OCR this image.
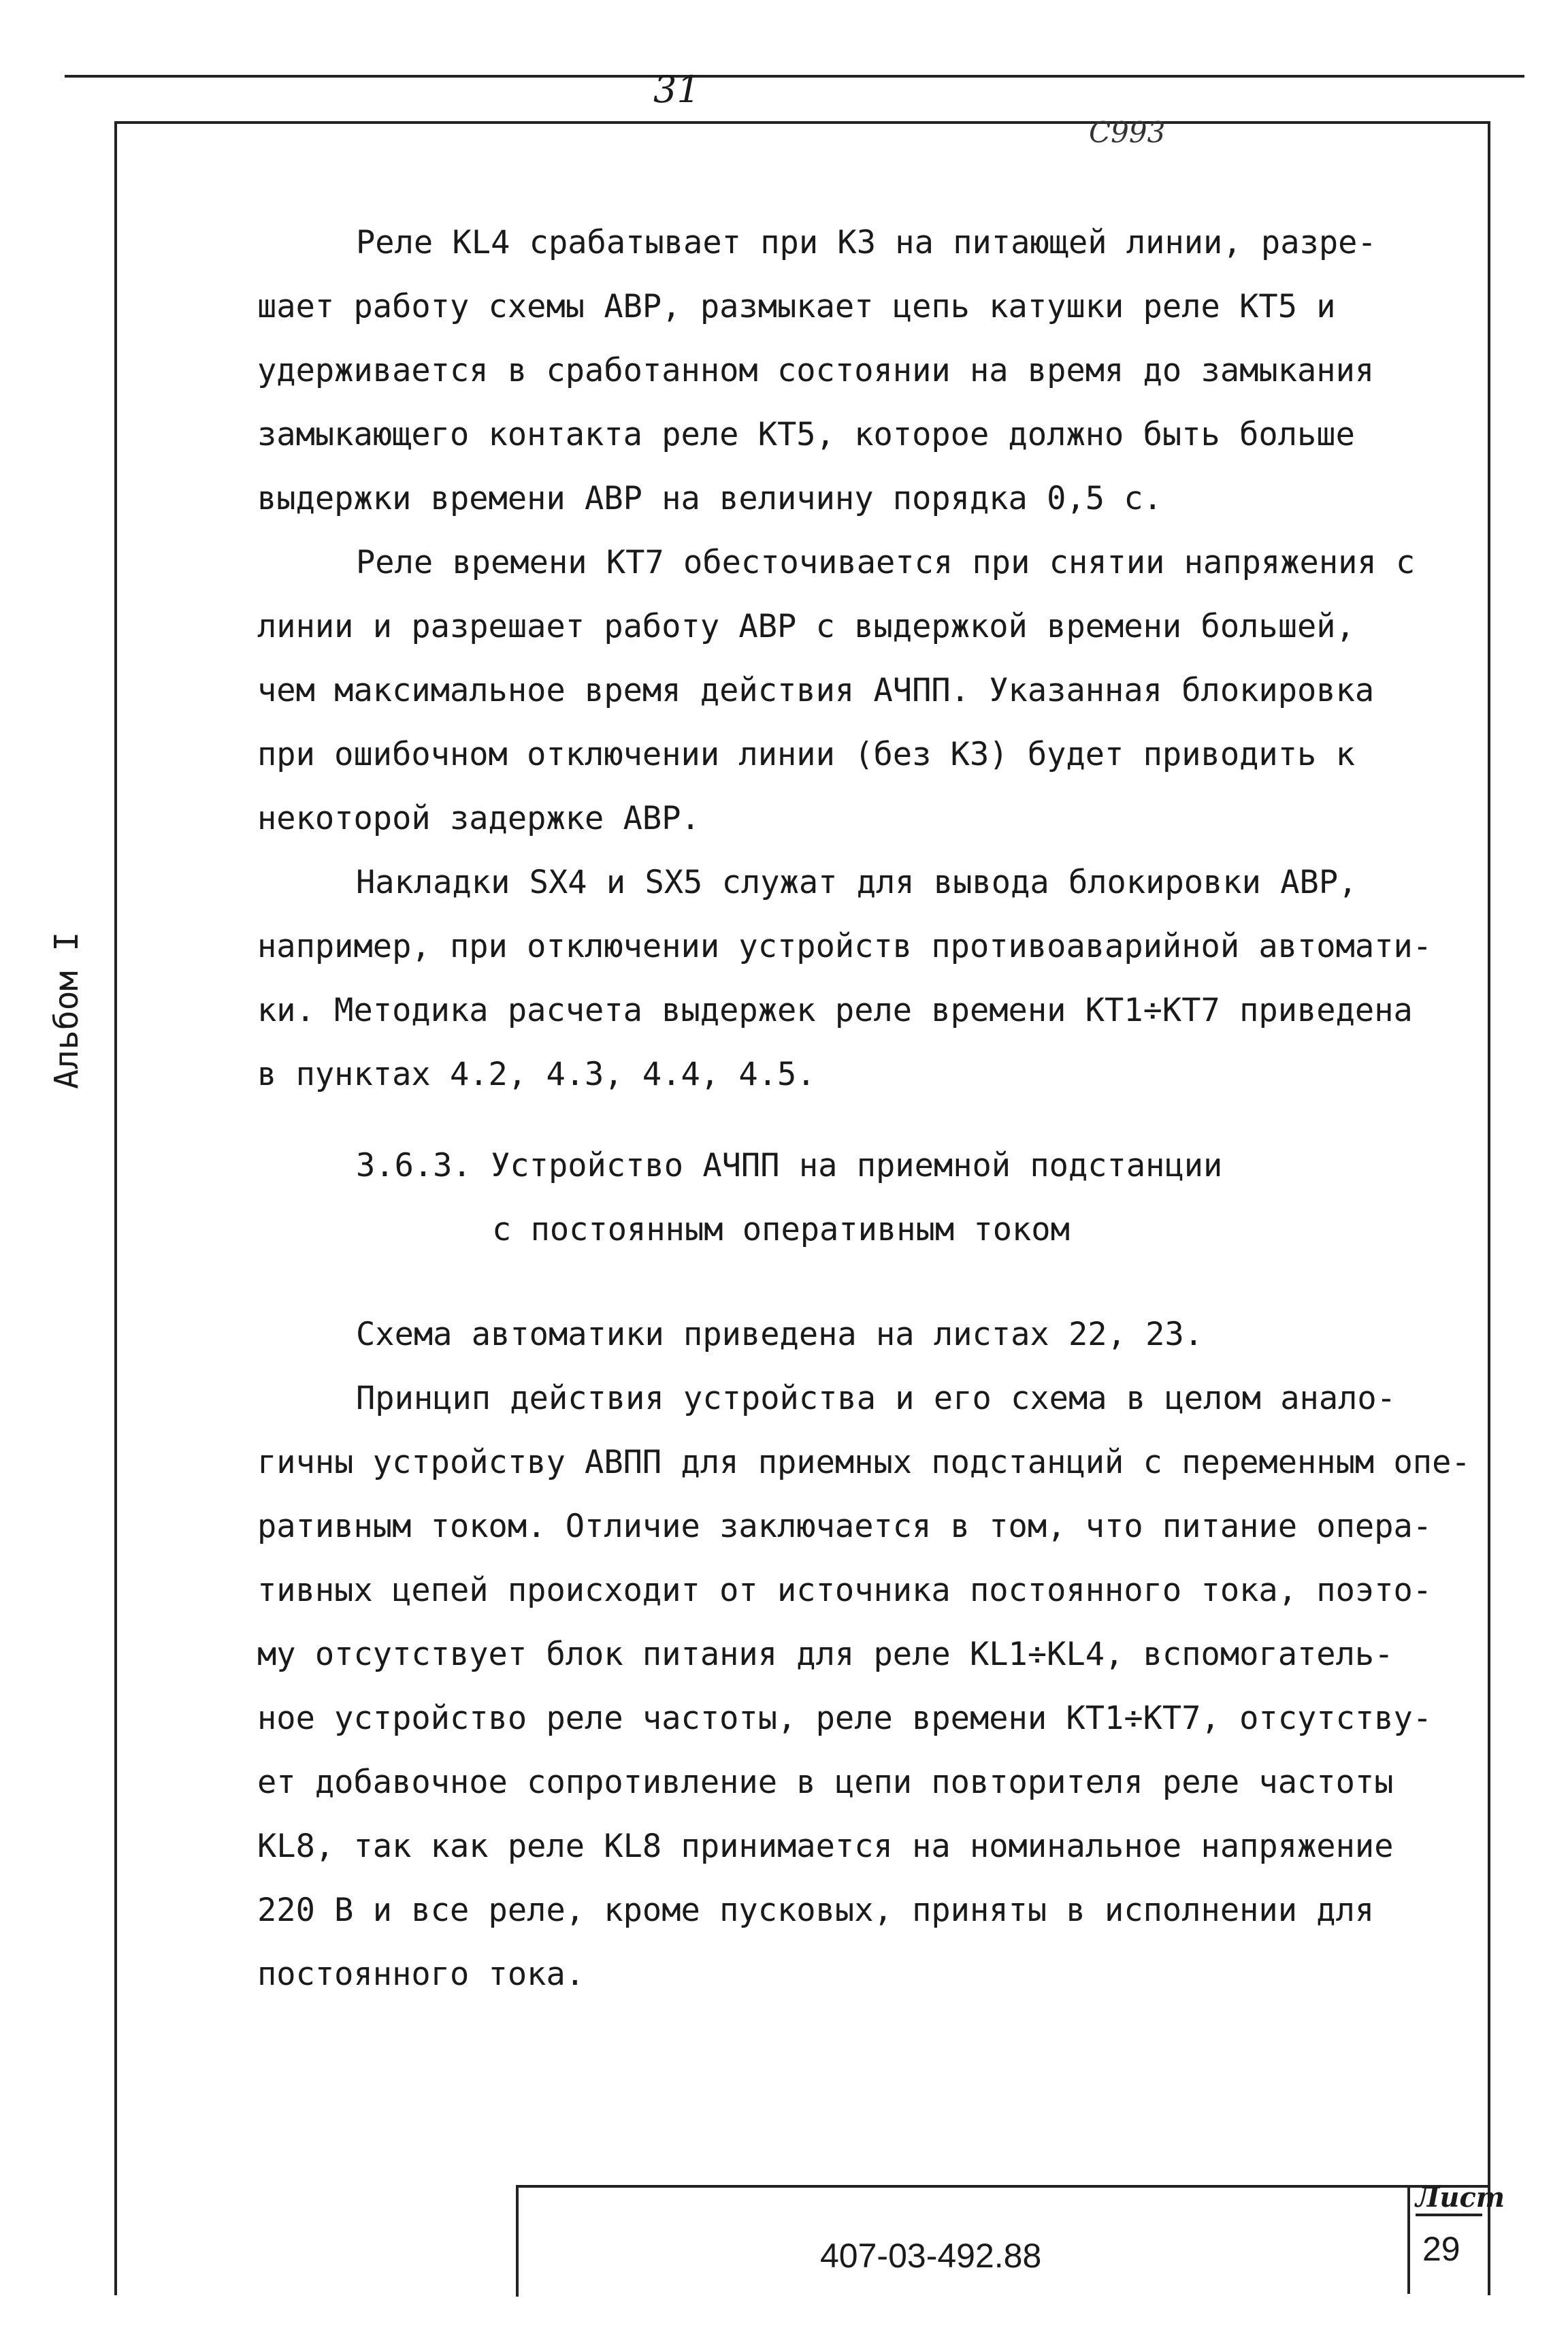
31
С993
Альбом I
Реле КL4 срабатывает при КЗ на питающей линии, разре-
шает работу схемы АВР, размыкает цепь катушки реле КТ5 и
удерживается в сработанном состоянии на время до замыкания
замыкающего контакта реле КТ5, которое должно быть больше
выдержки времени АВР на величину порядка 0,5 с.
Реле времени КТ7 обесточивается при снятии напряжения с
линии и разрешает работу АВР с выдержкой времени большей,
чем максимальное время действия АЧПП. Указанная блокировка
при ошибочном отключении линии (без КЗ) будет приводить к
некоторой задержке АВР.
Накладки SX4 и SX5 служат для вывода блокировки АВР,
например, при отключении устройств противоаварийной автомати-
ки. Методика расчета выдержек реле времени КТ1÷КТ7 приведена
в пунктах 4.2, 4.3, 4.4, 4.5.
3.6.3. Устройство АЧПП на приемной подстанции
с постоянным оперативным током
Схема автоматики приведена на листах 22, 23.
Принцип действия устройства и его схема в целом анало-
гичны устройству АВПП для приемных подстанций с переменным опе-
ративным током. Отличие заключается в том, что питание опера-
тивных цепей происходит от источника постоянного тока, поэто-
му отсутствует блок питания для реле КL1÷КL4, вспомогатель-
ное устройство реле частоты, реле времени КТ1÷КТ7, отсутству-
ет добавочное сопротивление в цепи повторителя реле частоты
КL8, так как реле КL8 принимается на номинальное напряжение
220 В и все реле, кроме пусковых, приняты в исполнении для
постоянного тока.
407-03-492.88
Лист
29
